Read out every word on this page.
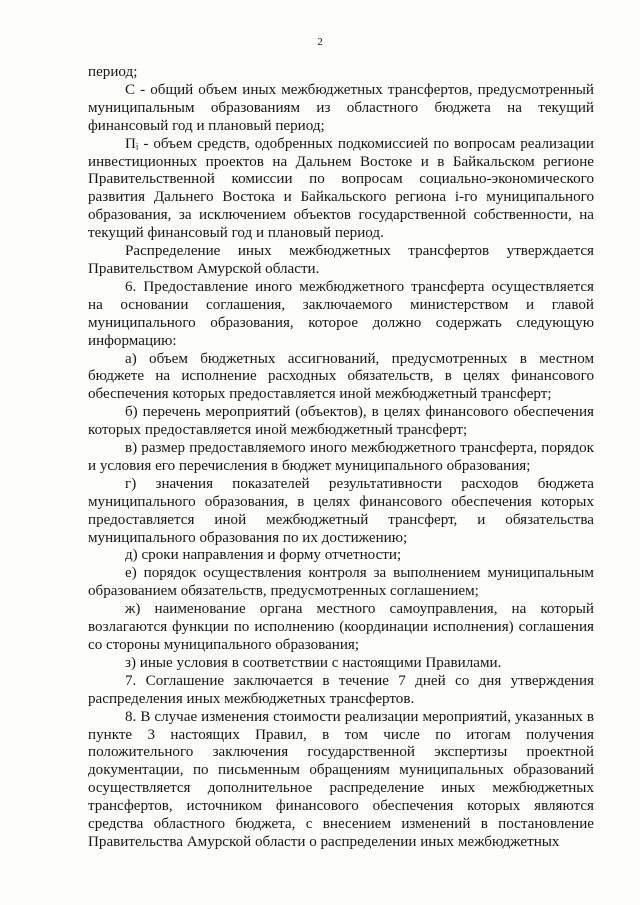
2

период;

С - общий объем иных межбюджетных трансфертов, предусмотренный муниципальным образованиям из областного бюджета на текущий финансовый год и плановый период;

Пᵢ - объем средств, одобренных подкомиссией по вопросам реализации инвестиционных проектов на Дальнем Востоке и в Байкальском регионе Правительственной комиссии по вопросам социально-экономического развития Дальнего Востока и Байкальского региона i-го муниципального образования, за исключением объектов государственной собственности, на текущий финансовый год и плановый период.

Распределение иных межбюджетных трансфертов утверждается Правительством Амурской области.

6. Предоставление иного межбюджетного трансферта осуществляется на основании соглашения, заключаемого министерством и главой муниципального образования, которое должно содержать следующую информацию:

а) объем бюджетных ассигнований, предусмотренных в местном бюджете на исполнение расходных обязательств, в целях финансового обеспечения которых предоставляется иной межбюджетный трансферт;

б) перечень мероприятий (объектов), в целях финансового обеспечения которых предоставляется иной межбюджетный трансферт;

в) размер предоставляемого иного межбюджетного трансферта, порядок и условия его перечисления в бюджет муниципального образования;

г) значения показателей результативности расходов бюджета муниципального образования, в целях финансового обеспечения которых предоставляется иной межбюджетный трансферт, и обязательства муниципального образования по их достижению;

д) сроки направления и форму отчетности;

е) порядок осуществления контроля за выполнением муниципальным образованием обязательств, предусмотренных соглашением;

ж) наименование органа местного самоуправления, на который возлагаются функции по исполнению (координации исполнения) соглашения со стороны муниципального образования;

з) иные условия в соответствии с настоящими Правилами.

7. Соглашение заключается в течение 7 дней со дня утверждения распределения иных межбюджетных трансфертов.

8. В случае изменения стоимости реализации мероприятий, указанных в пункте 3 настоящих Правил, в том числе по итогам получения положительного заключения государственной экспертизы проектной документации, по письменным обращениям муниципальных образований осуществляется дополнительное распределение иных межбюджетных трансфертов, источником финансового обеспечения которых являются средства областного бюджета, с внесением изменений в постановление Правительства Амурской области о распределении иных межбюджетных
